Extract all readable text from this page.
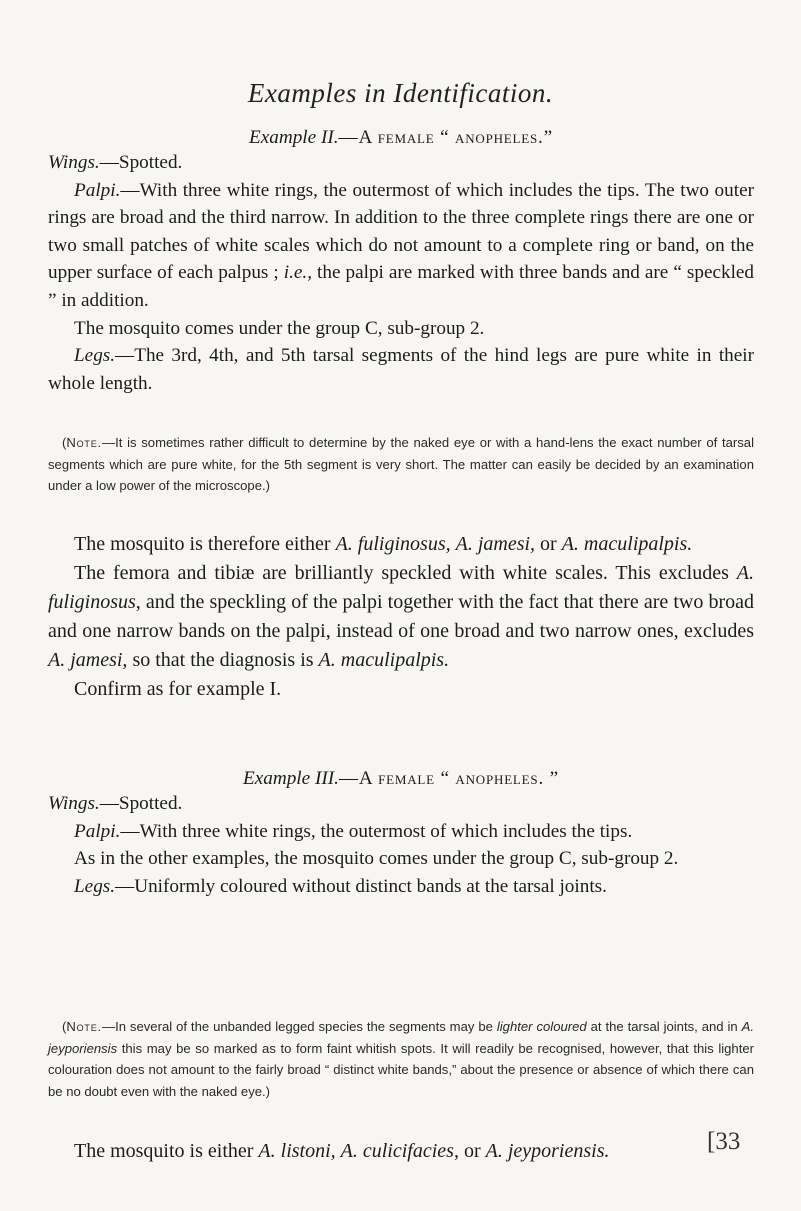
Examples in Identification.

Example II.—A female “ anopheles.”

Wings.—Spotted.

Palpi.—With three white rings, the outermost of which includes the tips. The two outer rings are broad and the third narrow. In addition to the three complete rings there are one or two small patches of white scales which do not amount to a complete ring or band, on the upper surface of each palpus ; i.e., the palpi are marked with three bands and are “ speckled ” in addition.

The mosquito comes under the group C, sub-group 2.

Legs.—The 3rd, 4th, and 5th tarsal segments of the hind legs are pure white in their whole length.

(Note.—It is sometimes rather difficult to determine by the naked eye or with a hand-lens the exact number of tarsal segments which are pure white, for the 5th segment is very short. The matter can easily be decided by an examination under a low power of the microscope.)

The mosquito is therefore either A. fuliginosus, A. jamesi, or A. maculipalpis.

The femora and tibiæ are brilliantly speckled with white scales. This excludes A. fuliginosus, and the speckling of the palpi together with the fact that there are two broad and one narrow bands on the palpi, instead of one broad and two narrow ones, excludes A. jamesi, so that the diagnosis is A. maculipalpis.

Confirm as for example I.

Example III.—A female “ anopheles. ”

Wings.—Spotted.

Palpi.—With three white rings, the outermost of which includes the tips.

As in the other examples, the mosquito comes under the group C, sub-group 2.

Legs.—Uniformly coloured without distinct bands at the tarsal joints.

(Note.—In several of the unbanded legged species the segments may be lighter coloured at the tarsal joints, and in A. jeyporiensis this may be so marked as to form faint whitish spots. It will readily be recognised, however, that this lighter colouration does not amount to the fairly broad “ distinct white bands,” about the presence or absence of which there can be no doubt even with the naked eye.)

The mosquito is either A. listoni, A. culicifacies, or A. jeyporiensis.	[33
